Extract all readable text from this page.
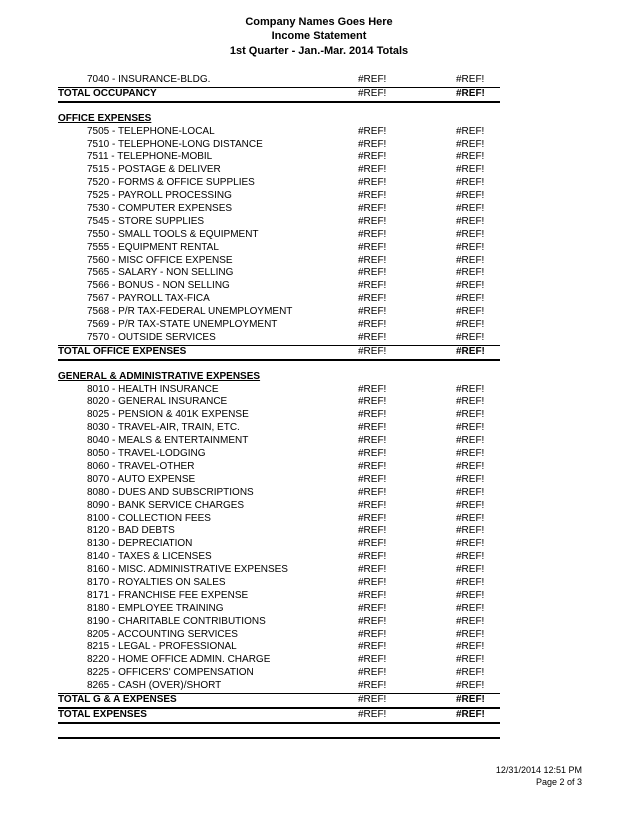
Company Names Goes Here
Income Statement
1st Quarter - Jan.-Mar. 2014 Totals
7040 - INSURANCE-BLDG.	#REF!	#REF!
TOTAL OCCUPANCY	#REF!	#REF!
OFFICE EXPENSES
7505 - TELEPHONE-LOCAL	#REF!	#REF!
7510 - TELEPHONE-LONG DISTANCE	#REF!	#REF!
7511 - TELEPHONE-MOBIL	#REF!	#REF!
7515 - POSTAGE & DELIVER	#REF!	#REF!
7520 - FORMS & OFFICE SUPPLIES	#REF!	#REF!
7525 - PAYROLL PROCESSING	#REF!	#REF!
7530 - COMPUTER EXPENSES	#REF!	#REF!
7545 - STORE SUPPLIES	#REF!	#REF!
7550 - SMALL TOOLS & EQUIPMENT	#REF!	#REF!
7555 - EQUIPMENT RENTAL	#REF!	#REF!
7560 - MISC OFFICE EXPENSE	#REF!	#REF!
7565 - SALARY - NON SELLING	#REF!	#REF!
7566 - BONUS - NON SELLING	#REF!	#REF!
7567 - PAYROLL TAX-FICA	#REF!	#REF!
7568 - P/R TAX-FEDERAL UNEMPLOYMENT	#REF!	#REF!
7569 - P/R TAX-STATE UNEMPLOYMENT	#REF!	#REF!
7570 - OUTSIDE SERVICES	#REF!	#REF!
TOTAL OFFICE EXPENSES	#REF!	#REF!
GENERAL & ADMINISTRATIVE EXPENSES
8010 - HEALTH INSURANCE	#REF!	#REF!
8020 - GENERAL INSURANCE	#REF!	#REF!
8025 - PENSION & 401K EXPENSE	#REF!	#REF!
8030 - TRAVEL-AIR, TRAIN, ETC.	#REF!	#REF!
8040 - MEALS & ENTERTAINMENT	#REF!	#REF!
8050 - TRAVEL-LODGING	#REF!	#REF!
8060 - TRAVEL-OTHER	#REF!	#REF!
8070 - AUTO EXPENSE	#REF!	#REF!
8080 - DUES AND SUBSCRIPTIONS	#REF!	#REF!
8090 - BANK SERVICE CHARGES	#REF!	#REF!
8100 - COLLECTION FEES	#REF!	#REF!
8120 - BAD DEBTS	#REF!	#REF!
8130 - DEPRECIATION	#REF!	#REF!
8140 - TAXES & LICENSES	#REF!	#REF!
8160 - MISC. ADMINISTRATIVE EXPENSES	#REF!	#REF!
8170 - ROYALTIES ON SALES	#REF!	#REF!
8171 - FRANCHISE FEE EXPENSE	#REF!	#REF!
8180 - EMPLOYEE TRAINING	#REF!	#REF!
8190 - CHARITABLE CONTRIBUTIONS	#REF!	#REF!
8205 - ACCOUNTING SERVICES	#REF!	#REF!
8215 - LEGAL - PROFESSIONAL	#REF!	#REF!
8220 - HOME OFFICE ADMIN. CHARGE	#REF!	#REF!
8225 - OFFICERS' COMPENSATION	#REF!	#REF!
8265 - CASH (OVER)/SHORT	#REF!	#REF!
TOTAL G & A EXPENSES	#REF!	#REF!
TOTAL EXPENSES	#REF!	#REF!
12/31/2014 12:51 PM
Page 2 of 3
